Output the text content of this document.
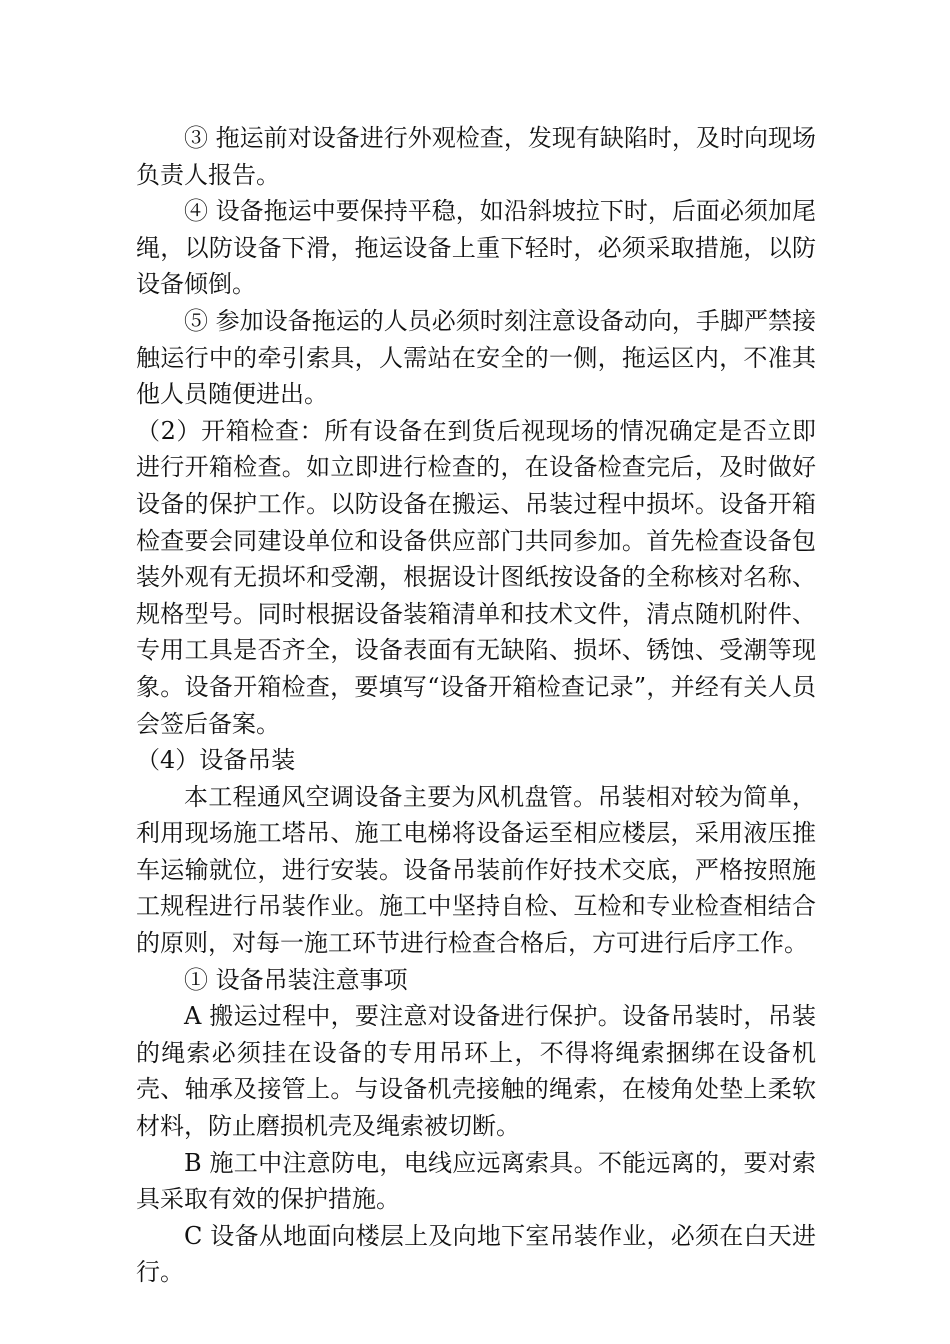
③ 拖运前对设备进行外观检查，发现有缺陷时，及时向现场负责人报告。

④ 设备拖运中要保持平稳，如沿斜坡拉下时，后面必须加尾绳，以防设备下滑，拖运设备上重下轻时，必须采取措施，以防设备倾倒。

⑤ 参加设备拖运的人员必须时刻注意设备动向，手脚严禁接触运行中的牵引索具，人需站在安全的一侧，拖运区内，不准其他人员随便进出。

（2）开箱检查：所有设备在到货后视现场的情况确定是否立即进行开箱检查。如立即进行检查的，在设备检查完后，及时做好设备的保护工作。以防设备在搬运、吊装过程中损坏。设备开箱检查要会同建设单位和设备供应部门共同参加。首先检查设备包装外观有无损坏和受潮，根据设计图纸按设备的全称核对名称、规格型号。同时根据设备装箱清单和技术文件，清点随机附件、专用工具是否齐全，设备表面有无缺陷、损坏、锈蚀、受潮等现象。设备开箱检查，要填写“设备开箱检查记录”，并经有关人员会签后备案。

（4）设备吊装

本工程通风空调设备主要为风机盘管。吊装相对较为简单，利用现场施工塔吊、施工电梯将设备运至相应楼层，采用液压推车运输就位，进行安装。设备吊装前作好技术交底，严格按照施工规程进行吊装作业。施工中坚持自检、互检和专业检查相结合的原则，对每一施工环节进行检查合格后，方可进行后序工作。

① 设备吊装注意事项

A 搬运过程中，要注意对设备进行保护。设备吊装时，吊装的绳索必须挂在设备的专用吊环上，不得将绳索捆绑在设备机壳、轴承及接管上。与设备机壳接触的绳索，在棱角处垫上柔软材料，防止磨损机壳及绳索被切断。

B 施工中注意防电，电线应远离索具。不能远离的，要对索具采取有效的保护措施。

C 设备从地面向楼层上及向地下室吊装作业，必须在白天进行。
